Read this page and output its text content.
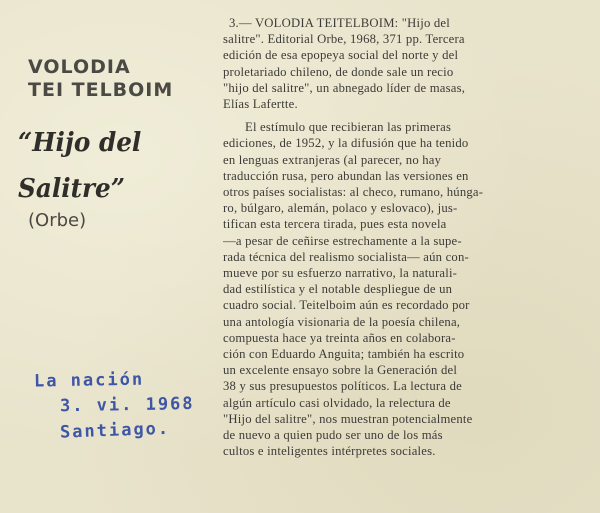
VOLODIA
TEI TELBOIM
“Hijo del
Salitre”
(Orbe)
La nación
3. vi. 1968
Santiago.

3.— VOLODIA TEITELBOIM: "Hijo del
salitre". Editorial Orbe, 1968, 371 pp. Tercera
edición de esa epopeya social del norte y del
proletariado chileno, de donde sale un recio
"hijo del salitre", un abnegado líder de masas,
Elías Lafertte.

El estímulo que recibieran las primeras
ediciones, de 1952, y la difusión que ha tenido
en lenguas extranjeras (al parecer, no hay
traducción rusa, pero abundan las versiones en
otros países socialistas: al checo, rumano, húnga-
ro, búlgaro, alemán, polaco y eslovaco), jus-
tifican esta tercera tirada, pues esta novela
—a pesar de ceñirse estrechamente a la supe-
rada técnica del realismo socialista— aún con-
mueve por su esfuerzo narrativo, la naturali-
dad estilística y el notable despliegue de un
cuadro social. Teitelboim aún es recordado por
una antología visionaria de la poesía chilena,
compuesta hace ya treinta años en colabora-
ción con Eduardo Anguita; también ha escrito
un excelente ensayo sobre la Generación del
38 y sus presupuestos políticos. La lectura de
algún artículo casi olvidado, la relectura de
"Hijo del salitre", nos muestran potencialmente
de nuevo a quien pudo ser uno de los más
cultos e inteligentes intérpretes sociales.
